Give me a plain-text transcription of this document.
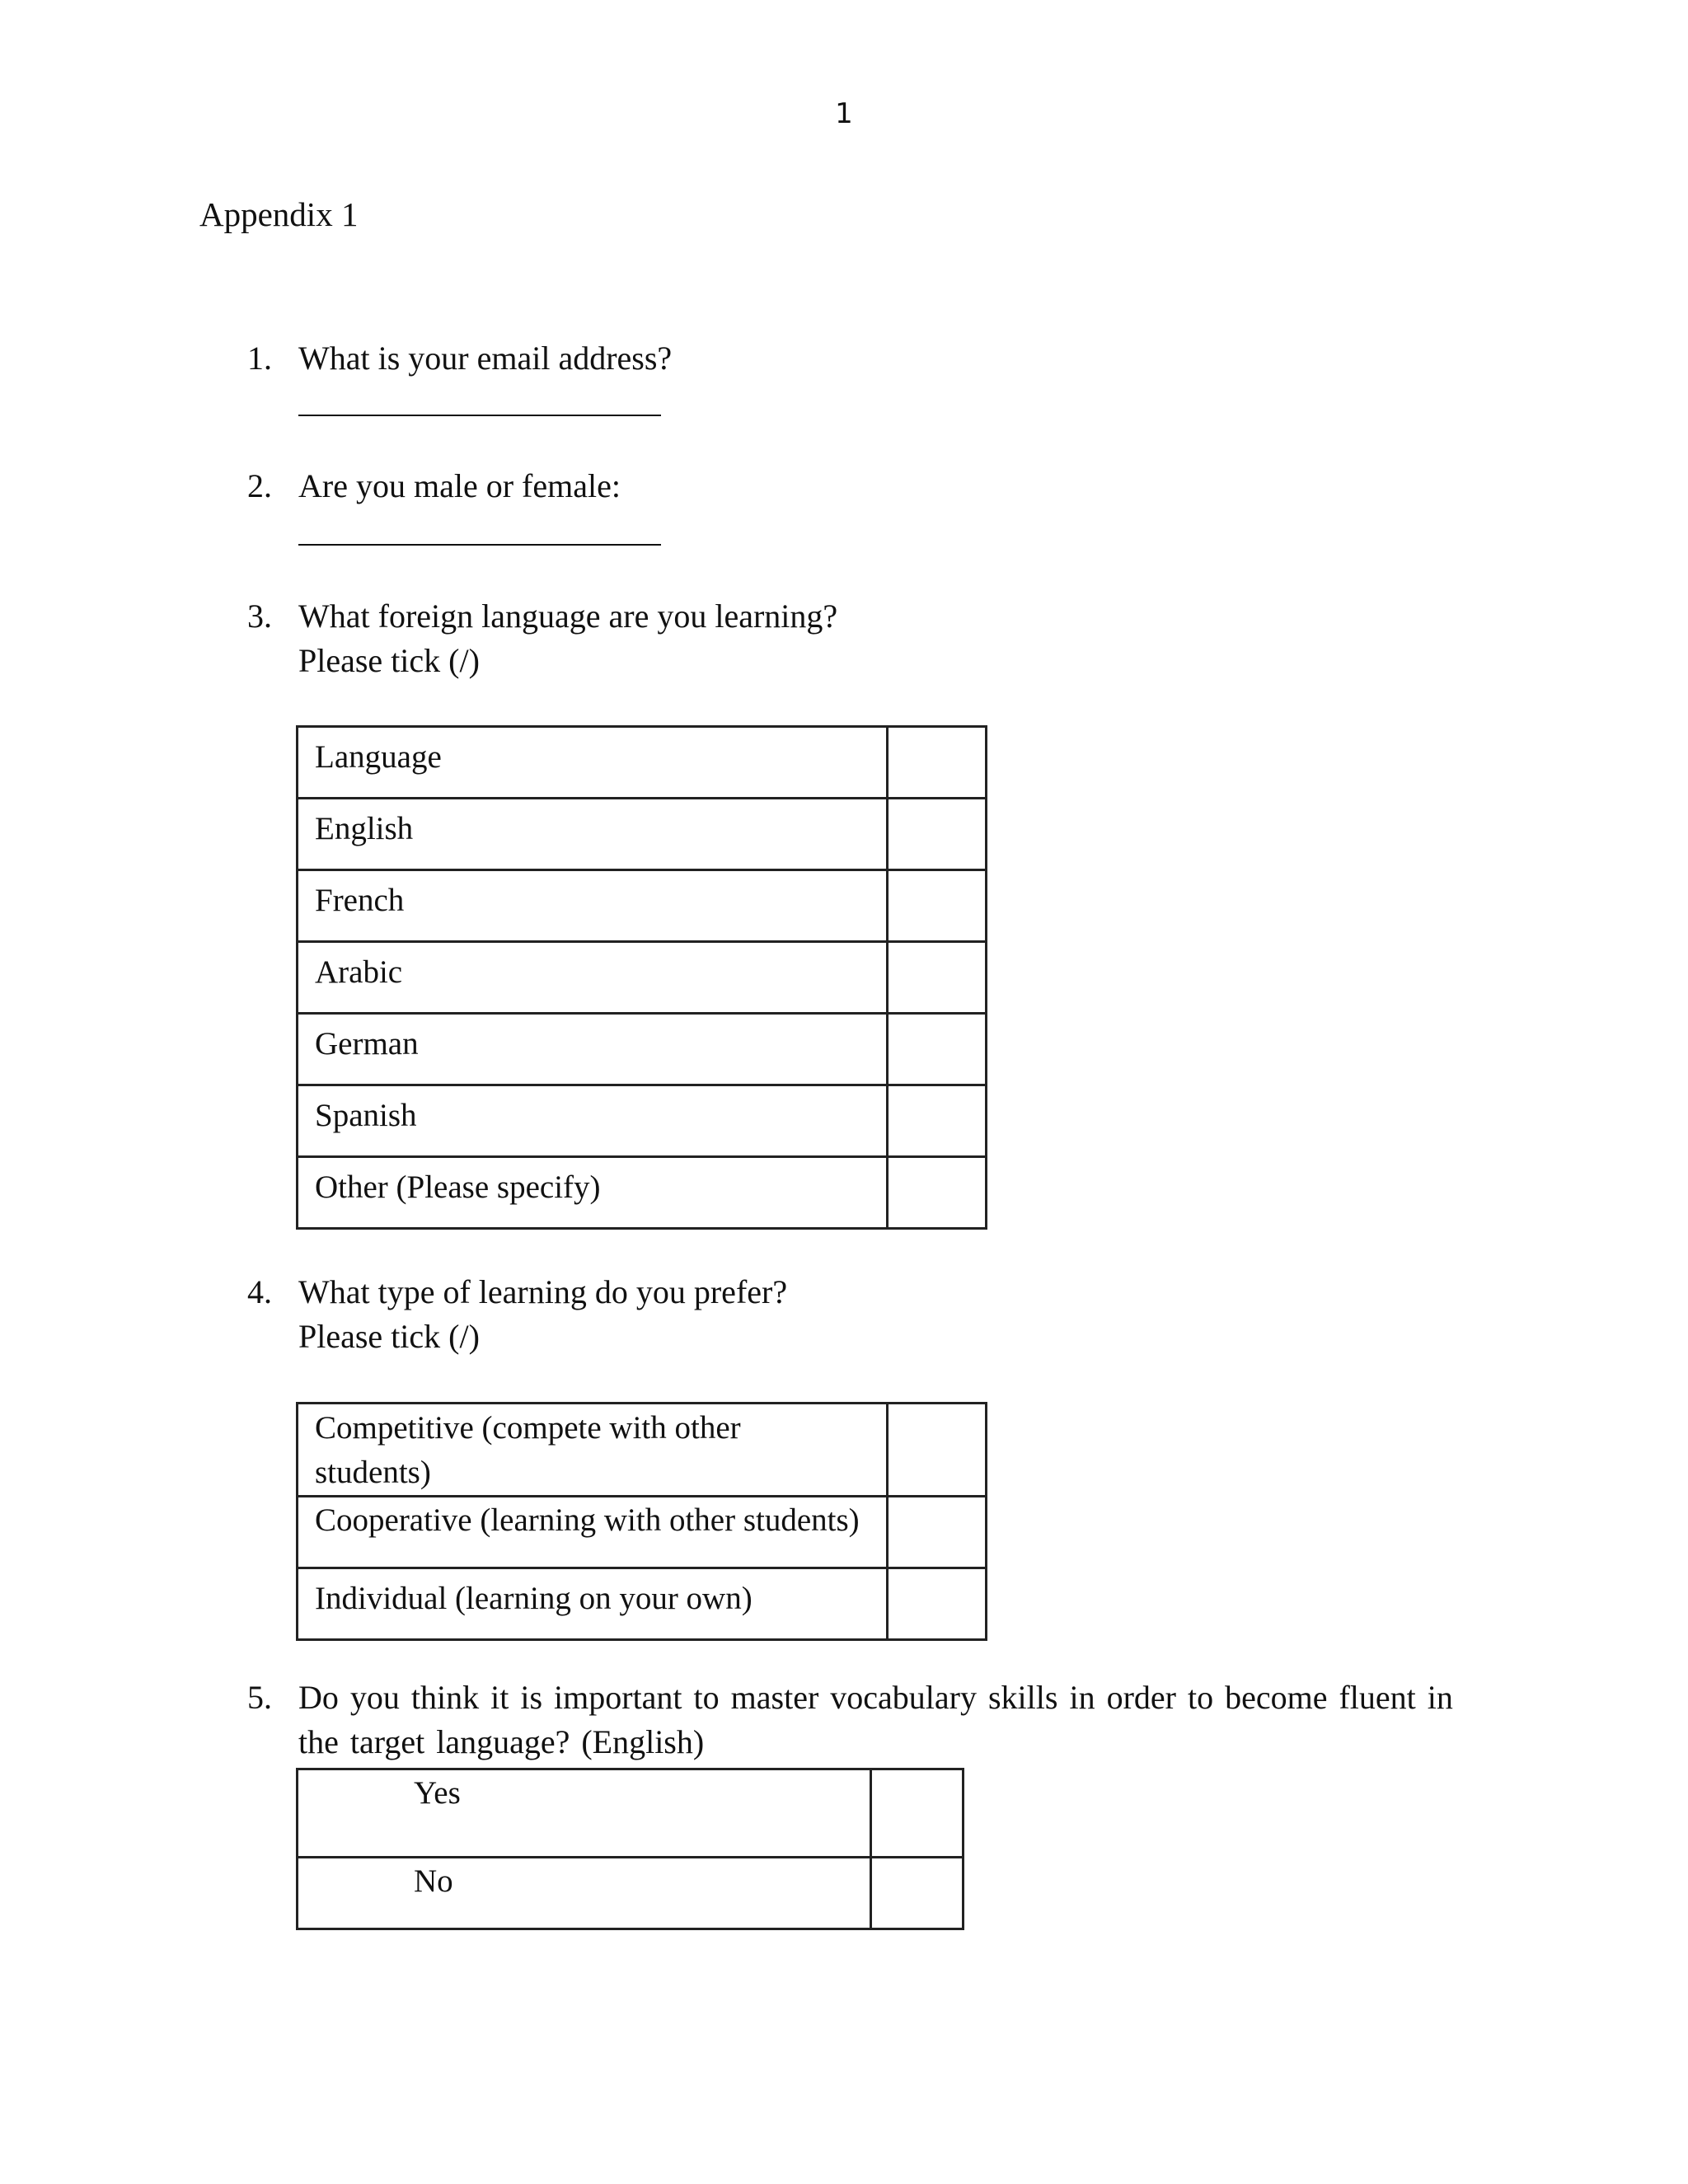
1
Appendix 1
1. What is your email address?
2. Are you male or female:
3. What foreign language are you learning?
Please tick (/)
Language	
English	
French	
Arabic	
German	
Spanish	
Other (Please specify)	
4. What type of learning do you prefer?
Please tick (/)
Competitive (compete with other students)	

Cooperative (learning with other students)	
Individual (learning on your own)	
5. Do you think it is important to master vocabulary skills in order to become fluent in the target language? (English)
Yes	
No	
